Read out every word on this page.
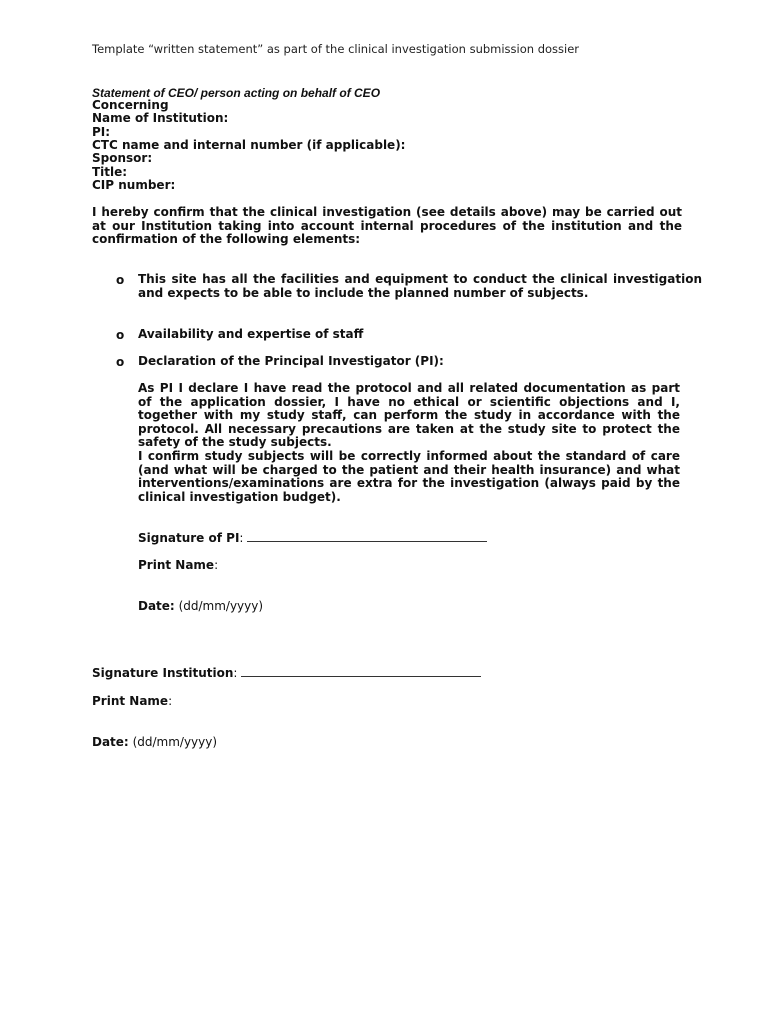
Template “written statement” as part of the clinical investigation submission dossier
Statement of CEO/ person acting on behalf of CEO
Concerning
Name of Institution:
PI:
CTC name and internal number (if applicable):
Sponsor:
Title:
CIP number:
I hereby confirm that the clinical investigation (see details above) may be carried out at our Institution taking into account internal procedures of the institution and the confirmation of the following elements:
o This site has all the facilities and equipment to conduct the clinical investigation and expects to be able to include the planned number of subjects.
o Availability and expertise of staff
o Declaration of the Principal Investigator (PI):
As PI I declare I have read the protocol and all related documentation as part of the application dossier, I have no ethical or scientific objections and I, together with my study staff, can perform the study in accordance with the protocol. All necessary precautions are taken at the study site to protect the safety of the study subjects.
I confirm study subjects will be correctly informed about the standard of care (and what will be charged to the patient and their health insurance) and what interventions/examinations are extra for the investigation (always paid by the clinical investigation budget).
Signature of PI:
Print Name:
Date: (dd/mm/yyyy)
Signature Institution:
Print Name:
Date: (dd/mm/yyyy)
